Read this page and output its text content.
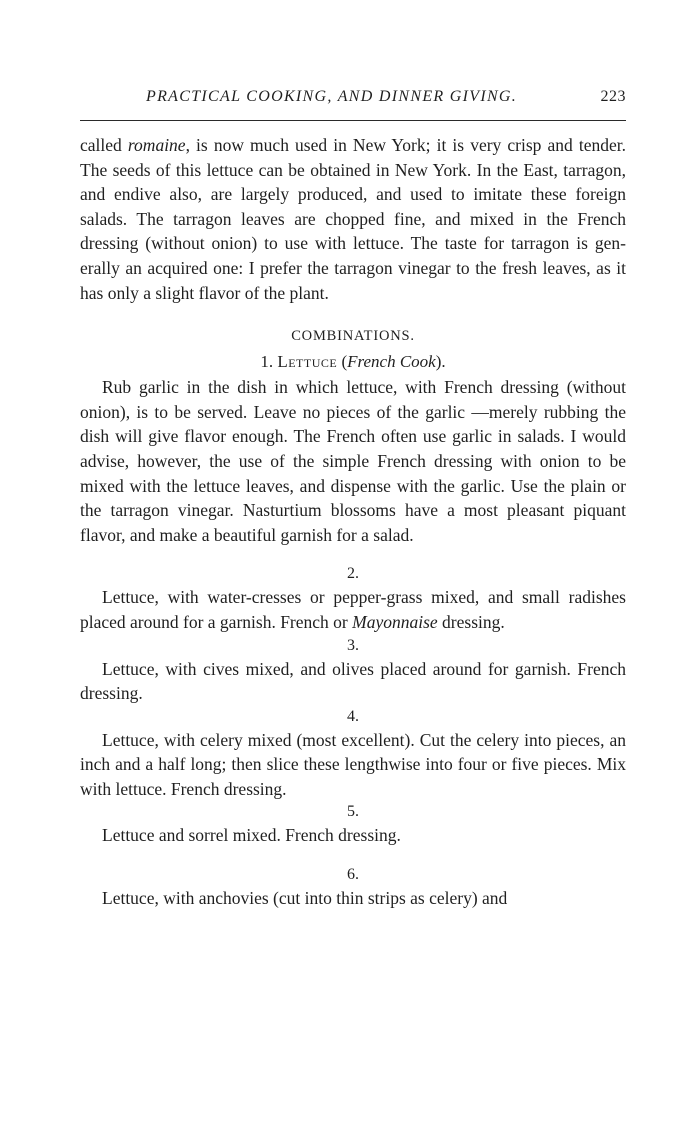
PRACTICAL COOKING, AND DINNER GIVING.	223

called romaine, is now much used in New York; it is very crisp and tender. The seeds of this lettuce can be obtained in New York. In the East, tarragon, and endive also, are largely produced, and used to imitate these foreign salads. The tarragon leaves are chopped fine, and mixed in the French dressing (without onion) to use with lettuce. The taste for tarragon is generally an acquired one: I prefer the tarragon vinegar to the fresh leaves, as it has only a slight flavor of the plant.

COMBINATIONS.
1. Lettuce (French Cook).

Rub garlic in the dish in which lettuce, with French dressing (without onion), is to be served. Leave no pieces of the garlic —merely rubbing the dish will give flavor enough. The French often use garlic in salads. I would advise, however, the use of the simple French dressing with onion to be mixed with the lettuce leaves, and dispense with the garlic. Use the plain or the tarragon vinegar. Nasturtium blossoms have a most pleasant piquant flavor, and make a beautiful garnish for a salad.

2.

Lettuce, with water-cresses or pepper-grass mixed, and small radishes placed around for a garnish. French or Mayonnaise dressing.

3.

Lettuce, with cives mixed, and olives placed around for garnish. French dressing.

4.

Lettuce, with celery mixed (most excellent). Cut the celery into pieces, an inch and a half long; then slice these lengthwise into four or five pieces. Mix with lettuce. French dressing.

5.

Lettuce and sorrel mixed. French dressing.

6.

Lettuce, with anchovies (cut into thin strips as celery) and
